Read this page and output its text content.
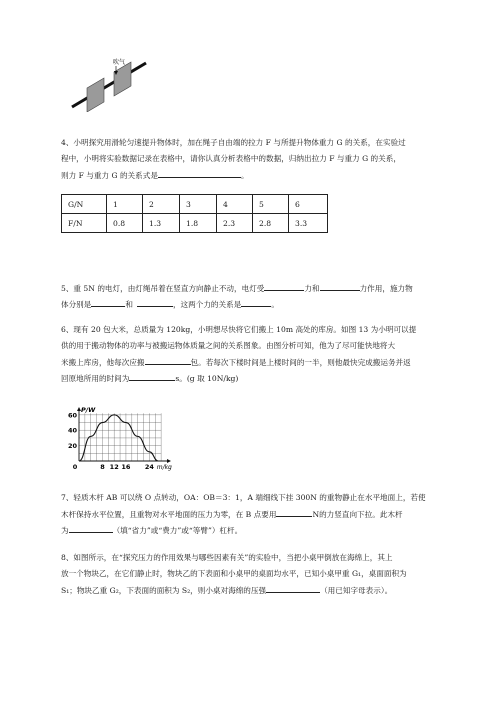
吹气
4、小明探究用滑轮匀速提升物体时，加在绳子自由端的拉力 F 与所提升物体重力 G 的关系，在实验过
程中，小明将实验数据记录在表格中，请你认真分析表格中的数据，归纳出拉力 F 与重力 G 的关系，
则力 F 与重力 G 的关系式是	。
G/N	1	2	3	4	5	6
F/N	0.8	1.3	1.8	2.3	2.8	3.3
5、重 5N 的电灯，由灯绳吊着在竖直方向静止不动，电灯受	力和	力作用，施力物
体分别是	和	，这两个力的关系是	。
6、现有 20 包大米，总质量为 120kg，小明想尽快将它们搬上 10m 高处的库房。如图 13 为小明可以提
供的用于搬动物体的功率与被搬运物体质量之间的关系图象。由图分析可知，他为了尽可能快地将大
米搬上库房，他每次应搬	包。若每次下楼时间是上楼时间的一半，则他最快完成搬运务并返
回原地所用的时间为	s。(g 取 10N/kg)
20
40
60
0	8 12 16 24
P/W
m/kg
7、轻质木杆 AB 可以绕 O 点转动，OA：OB＝3：1，A 端细线下挂 300N 的重物静止在水平地面上，若使
木杆保持水平位置，且重物对水平地面的压力为零，在 B 点要用	N的力竖直向下拉。此木杆
为	（填“省力”或“费力”或“等臂”）杠杆。
8、如图所示，在“探究压力的作用效果与哪些因素有关”的实验中，当把小桌甲倒放在海绵上，其上
放一个物块乙，在它们静止时，物块乙的下表面和小桌甲的桌面均水平，已知小桌甲重 G₁，桌面面积为
S₁；物块乙重 G₂，下表面的面积为 S₂，则小桌对海绵的压强	（用已知字母表示）。
